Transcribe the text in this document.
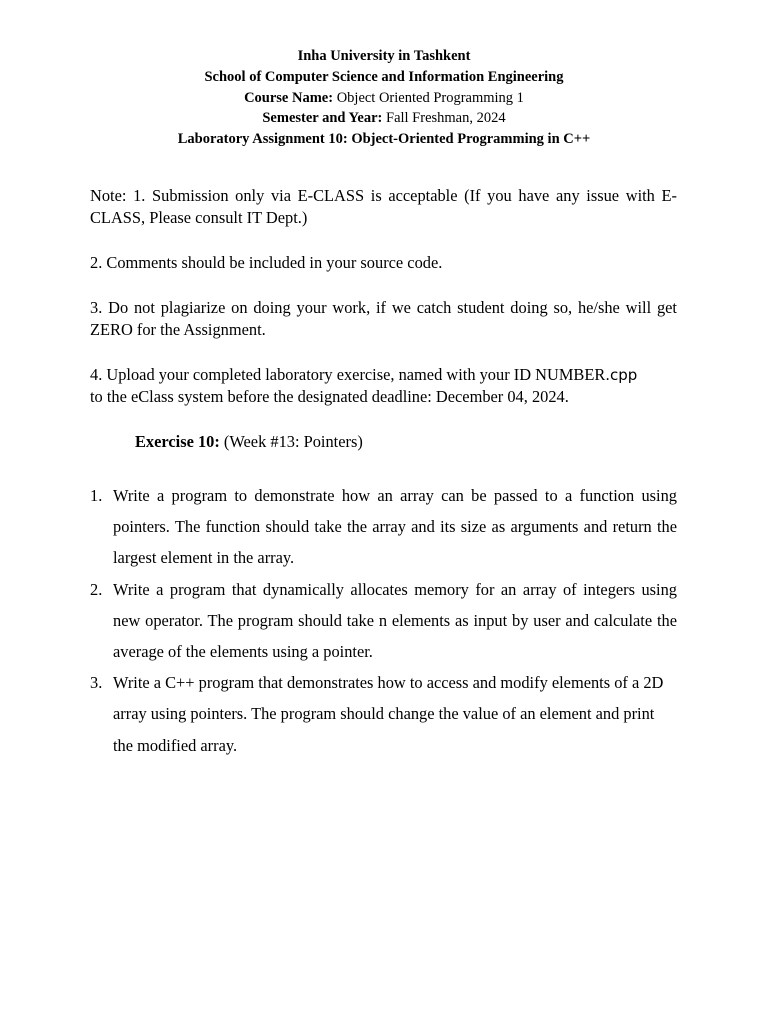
Inha University in Tashkent
School of Computer Science and Information Engineering
Course Name: Object Oriented Programming 1
Semester and Year: Fall Freshman, 2024
Laboratory Assignment 10: Object-Oriented Programming in C++

Note: 1. Submission only via E-CLASS is acceptable (If you have any issue with E-CLASS, Please consult IT Dept.)

2. Comments should be included in your source code.

3. Do not plagiarize on doing your work, if we catch student doing so, he/she will get ZERO for the Assignment.

4. Upload your completed laboratory exercise, named with your ID NUMBER.cpp
to the eClass system before the designated deadline: December 04, 2024.

Exercise 10: (Week #13: Pointers)
1. Write a program to demonstrate how an array can be passed to a function using pointers. The function should take the array and its size as arguments and return the largest element in the array.
2. Write a program that dynamically allocates memory for an array of integers using new operator. The program should take n elements as input by user and calculate the average of the elements using a pointer.
3. Write a C++ program that demonstrates how to access and modify elements of a 2D array using pointers. The program should change the value of an element and print the modified array.
